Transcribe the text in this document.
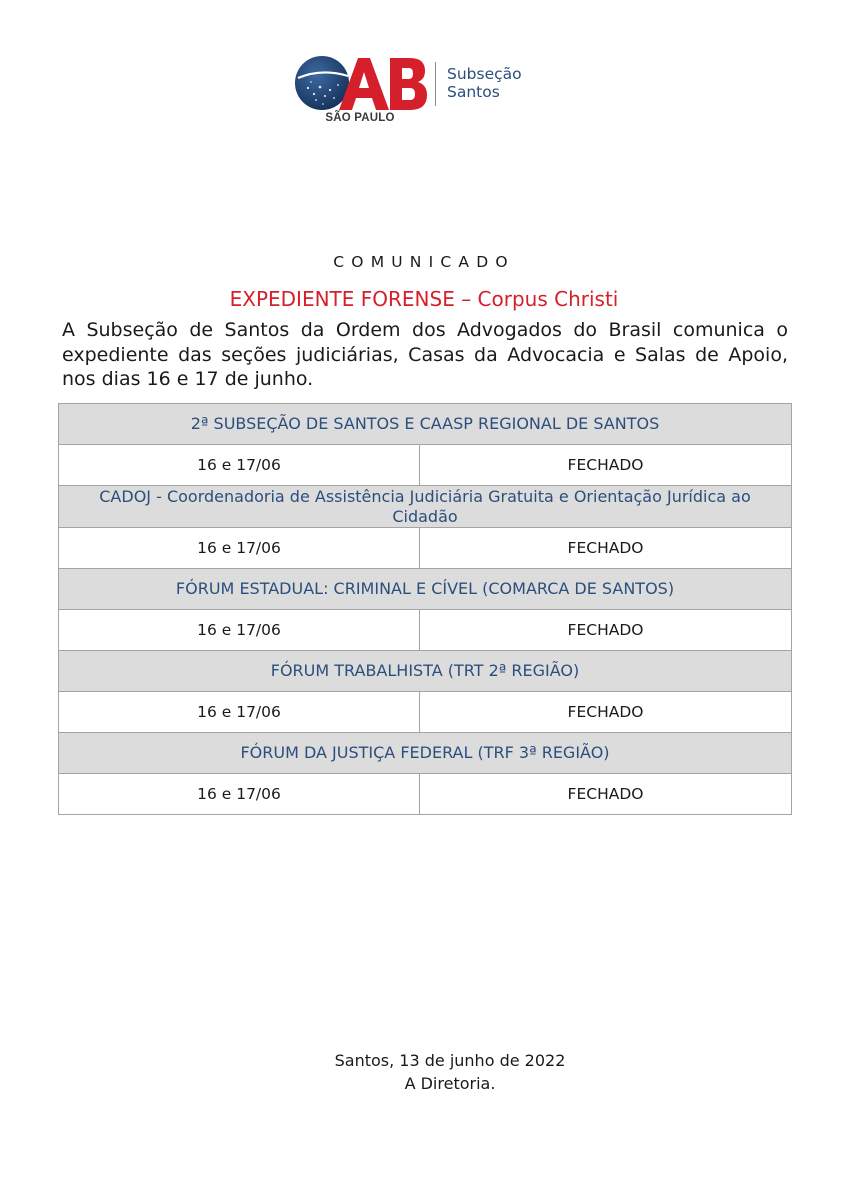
SÃO PAULO
Subseção
Santos
COMUNICADO
EXPEDIENTE FORENSE – Corpus Christi

A Subseção de Santos da Ordem dos Advogados do Brasil comunica o expediente das seções judiciárias, Casas da Advocacia e Salas de Apoio, nos dias 16 e 17 de junho.

2ª SUBSEÇÃO DE SANTOS E CAASP REGIONAL DE SANTOS	
16 e 17/06	FECHADO
CADOJ - Coordenadoria de Assistência Judiciária Gratuita e Orientação Jurídica ao Cidadão	
16 e 17/06	FECHADO
FÓRUM ESTADUAL: CRIMINAL E CÍVEL (COMARCA DE SANTOS)	
16 e 17/06	FECHADO
FÓRUM TRABALHISTA (TRT 2ª REGIÃO)	
16 e 17/06	FECHADO
FÓRUM DA JUSTIÇA FEDERAL (TRF 3ª REGIÃO)	
16 e 17/06	FECHADO
Santos, 13 de junho de 2022
A Diretoria.
